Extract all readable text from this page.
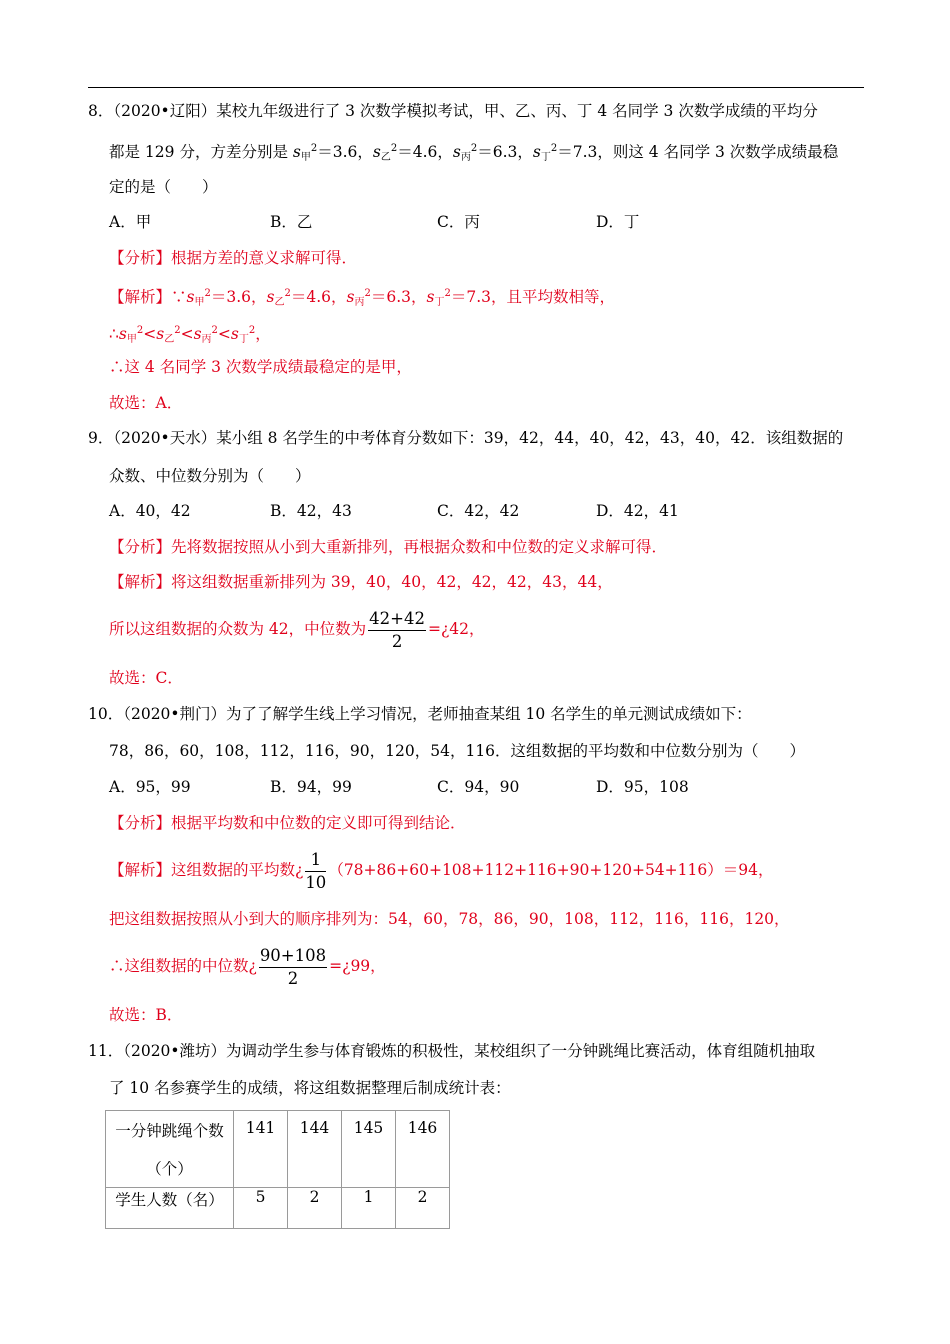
8．（2020•辽阳）某校九年级进行了 3 次数学模拟考试，甲、乙、丙、丁 4 名同学 3 次数学成绩的平均分
都是 129 分，方差分别是 $s_甲^2=3.6$，$s_乙^2=4.6$，$s_丙^2=6.3$，$s_丁^2=7.3$，则这 4 名同学 3 次数学成绩最稳
定的是（　　）
A．甲	B．乙	C．丙	D．丁
【分析】根据方差的意义求解可得．
【解析】$\because s_甲^2=3.6$，$s_乙^2=4.6$，$s_丙^2=6.3$，$s_丁^2=7.3$，且平均数相等，
$\therefore s_甲^2<s_乙^2<s_丙^2<s_丁^2$，
∴这 4 名同学 3 次数学成绩最稳定的是甲，
故选：A．
9．（2020•天水）某小组 8 名学生的中考体育分数如下：39，42，44，40，42，43，40，42．该组数据的
众数、中位数分别为（　　）
A．40，42	B．42，43	C．42，42	D．42，41
【分析】先将数据按照从小到大重新排列，再根据众数和中位数的定义求解可得．
【解析】将这组数据重新排列为 39，40，40，42，42，42，43，44，
所以这组数据的众数为 42，中位数为 $\frac{42+42}{2}$ =¿42，
故选：C．
10．（2020•荆门）为了了解学生线上学习情况，老师抽查某组 10 名学生的单元测试成绩如下：
78，86，60，108，112，116，90，120，54，116．这组数据的平均数和中位数分别为（　　）
A．95，99	B．94，99	C．94，90	D．95，108
【分析】根据平均数和中位数的定义即可得到结论．
【解析】这组数据的平均数¿ $\frac{1}{10} (78+86+60+108+112+116+90+120+54+116)=94$，
把这组数据按照从小到大的顺序排列为：54，60，78，86，90，108，112，116，116，120，
∴这组数据的中位数¿ $\frac{90+108}{2}$ =¿99，
故选：B．
11．（2020•潍坊）为调动学生参与体育锻炼的积极性，某校组织了一分钟跳绳比赛活动，体育组随机抽取
了 10 名参赛学生的成绩，将这组数据整理后制成统计表：
一分钟跳绳个数
（个）	141	144	145	146

学生人数（名）	5	2	1	2
